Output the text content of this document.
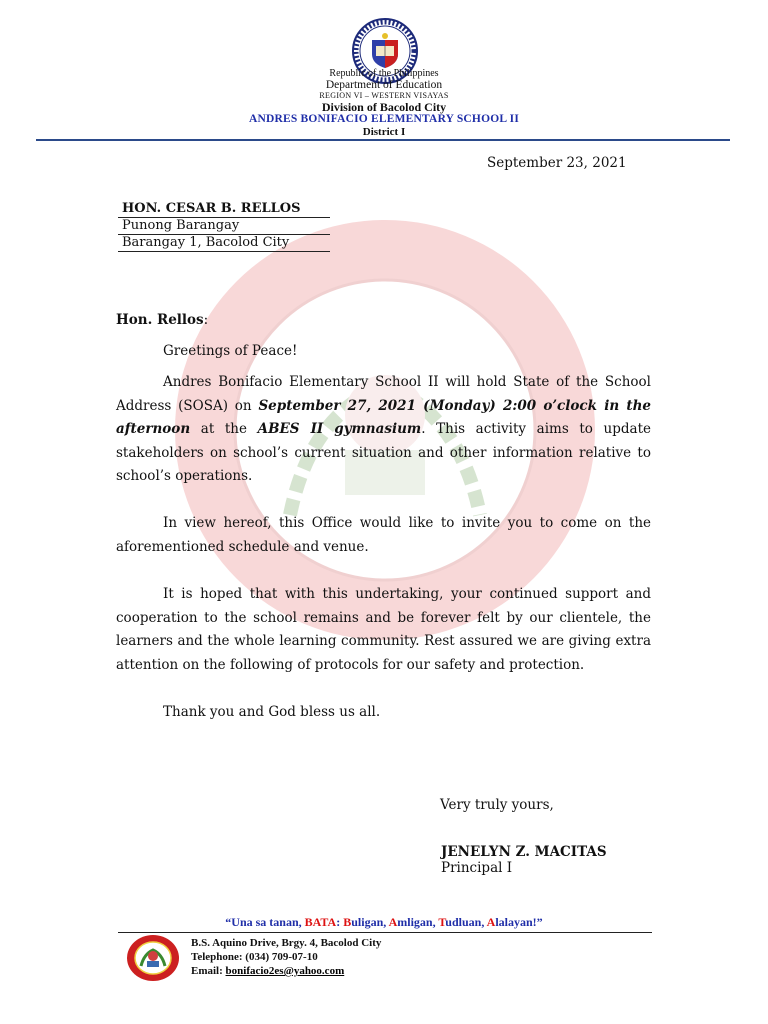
Republic of the Philippines
Department of Education
REGION VI – WESTERN VISAYAS
Division of Bacolod City
ANDRES BONIFACIO ELEMENTARY SCHOOL II
District I
September 23, 2021
HON. CESAR B. RELLOS
Punong Barangay
Barangay 1, Bacolod City
Hon. Rellos:
Greetings of Peace!
Andres Bonifacio Elementary School II will hold State of the School Address (SOSA) on September 27, 2021 (Monday) 2:00 o’clock in the afternoon at the ABES II gymnasium. This activity aims to update stakeholders on school’s current situation and other information relative to school’s operations.
In view hereof, this Office would like to invite you to come on the aforementioned schedule and venue.
It is hoped that with this undertaking, your continued support and cooperation to the school remains and be forever felt by our clientele, the learners and the whole learning community. Rest assured we are giving extra attention on the following of protocols for our safety and protection.
Thank you and God bless us all.
Very truly yours,
JENELYN Z. MACITAS
Principal I
“Una sa tanan, BATA: Buligan, Amligan, Tudluan, Alalayan!”
B.S. Aquino Drive, Brgy. 4, Bacolod City
Telephone: (034) 709-07-10
Email: bonifacio2es@yahoo.com
